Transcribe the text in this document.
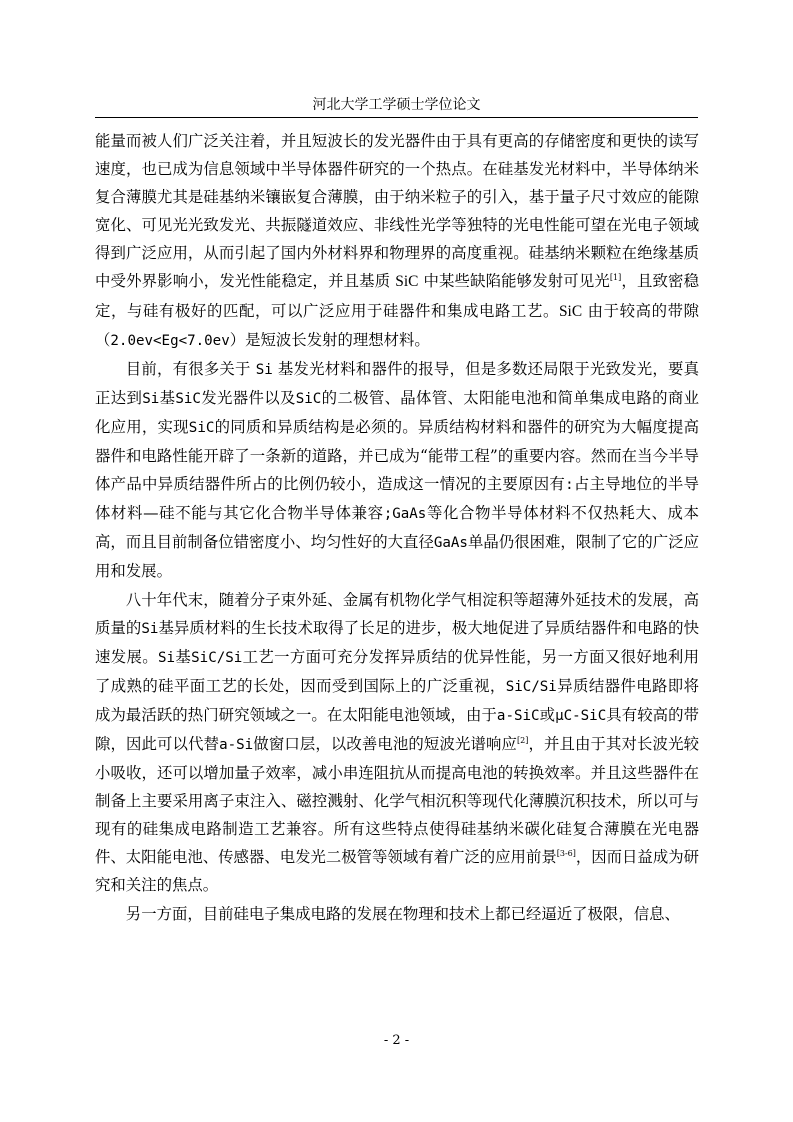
河北大学工学硕士学位论文

能量而被人们广泛关注着，并且短波长的发光器件由于具有更高的存储密度和更快的读写速度，也已成为信息领域中半导体器件研究的一个热点。在硅基发光材料中，半导体纳米复合薄膜尤其是硅基纳米镶嵌复合薄膜，由于纳米粒子的引入，基于量子尺寸效应的能隙宽化、可见光光致发光、共振隧道效应、非线性光学等独特的光电性能可望在光电子领域得到广泛应用，从而引起了国内外材料界和物理界的高度重视。硅基纳米颗粒在绝缘基质中受外界影响小，发光性能稳定，并且基质 SiC 中某些缺陷能够发射可见光[1]，且致密稳定，与硅有极好的匹配，可以广泛应用于硅器件和集成电路工艺。SiC 由于较高的带隙（2.0ev<Eg<7.0ev）是短波长发射的理想材料。

目前，有很多关于 Si 基发光材料和器件的报导，但是多数还局限于光致发光，要真正达到Si基SiC发光器件以及SiC的二极管、晶体管、太阳能电池和简单集成电路的商业化应用，实现SiC的同质和异质结构是必须的。异质结构材料和器件的研究为大幅度提高器件和电路性能开辟了一条新的道路，并已成为“能带工程”的重要内容。然而在当今半导体产品中异质结器件所占的比例仍较小，造成这一情况的主要原因有:占主导地位的半导体材料—硅不能与其它化合物半导体兼容;GaAs等化合物半导体材料不仅热耗大、成本高，而且目前制备位错密度小、均匀性好的大直径GaAs单晶仍很困难，限制了它的广泛应用和发展。

八十年代末，随着分子束外延、金属有机物化学气相淀积等超薄外延技术的发展，高质量的Si基异质材料的生长技术取得了长足的进步，极大地促进了异质结器件和电路的快速发展。Si基SiC/Si工艺一方面可充分发挥异质结的优异性能，另一方面又很好地利用了成熟的硅平面工艺的长处，因而受到国际上的广泛重视，SiC/Si异质结器件电路即将成为最活跃的热门研究领域之一。在太阳能电池领域，由于a-SiC或μC-SiC具有较高的带隙，因此可以代替a-Si做窗口层，以改善电池的短波光谱响应[2]，并且由于其对长波光较小吸收，还可以增加量子效率，减小串连阻抗从而提高电池的转换效率。并且这些器件在制备上主要采用离子束注入、磁控溅射、化学气相沉积等现代化薄膜沉积技术，所以可与现有的硅集成电路制造工艺兼容。所有这些特点使得硅基纳米碳化硅复合薄膜在光电器件、太阳能电池、传感器、电发光二极管等领域有着广泛的应用前景[3-6]，因而日益成为研究和关注的焦点。

另一方面，目前硅电子集成电路的发展在物理和技术上都已经逼近了极限，信息、

- 2 -
